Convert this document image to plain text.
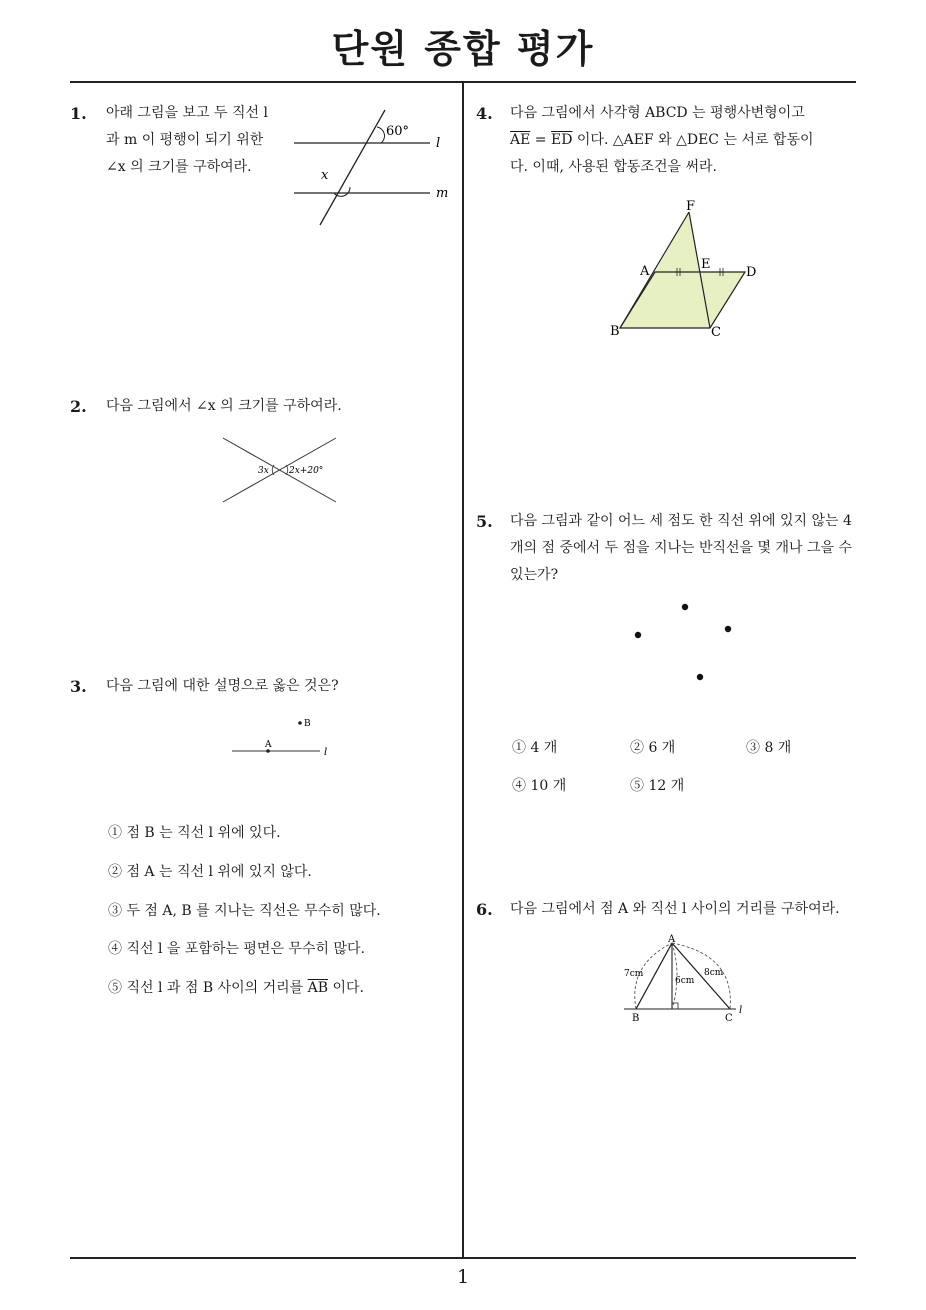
단원 종합 평가
1
1. 아래 그림을 보고 두 직선 l 과 m 이 평행이 되기 위한 ∠x 의 크기를 구하여라.
60°
x
l
m
2. 다음 그림에서 ∠x 의 크기를 구하여라.
3x 2x+20°
3. 다음 그림에 대한 설명으로 옳은 것은?
B
A
l
① 점 B 는 직선 l 위에 있다.
② 점 A 는 직선 l 위에 있지 않다.
③ 두 점 A, B 를 지나는 직선은 무수히 많다.
④ 직선 l 을 포함하는 평면은 무수히 많다.
⑤ 직선 l 과 점 B 사이의 거리를 $\overline{AB}$ 이다.
4. 다음 그림에서 사각형 ABCD 는 평행사변형이고
$\overline{AE} = \overline{ED}$ 이다. △AEF 와 △DEC 는 서로 합동이
다. 이때, 사용된 합동조건을 써라.
F
A	E
D
B	C
5. 다음 그림과 같이 어느 세 점도 한 직선 위에 있지 않는 4 개의 점 중에서 두 점을 지나는 반직선을 몇 개나 그을 수 있는가?
① 4 개	② 6 개	③ 8 개
④ 10 개	⑤ 12 개
6. 다음 그림에서 점 A 와 직선 l 사이의 거리를 구하여라.
A
B	C
l
7cm
6cm
8cm
